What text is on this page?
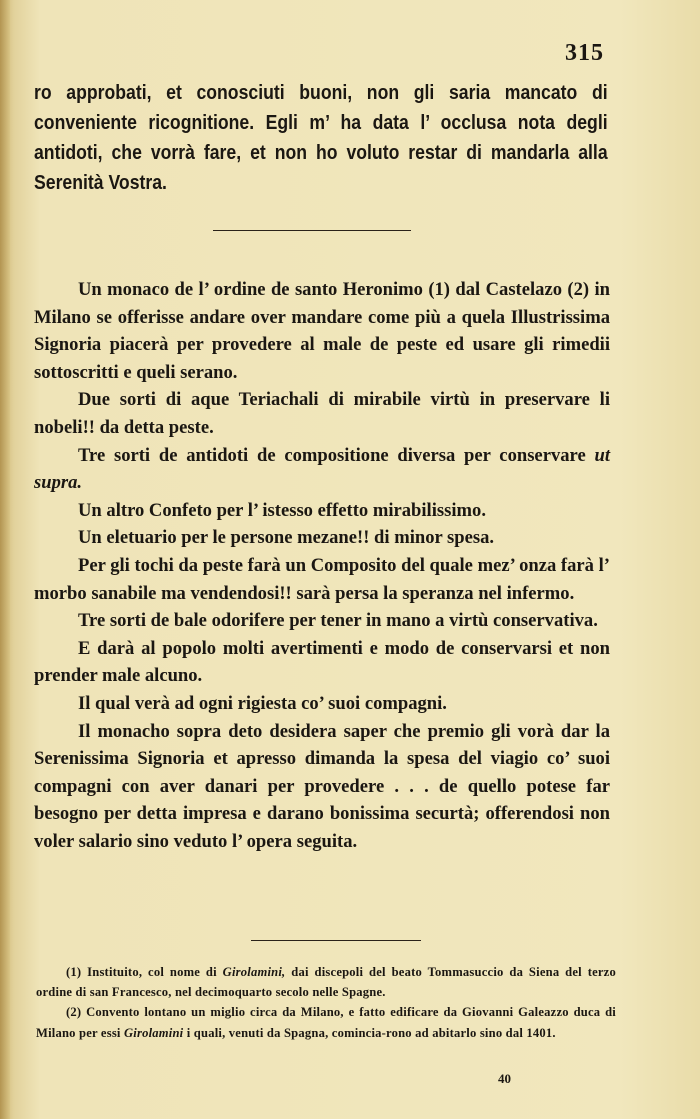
315

ro approbati, et conosciuti buoni, non gli saria mancato di conveniente ricognitione. Egli m’ ha data l’ occlusa nota degli antidoti, che vorrà fare, et non ho voluto restar di mandarla alla Serenità Vostra.

Un monaco de l’ ordine de santo Heronimo (1) dal Castelazo (2) in Milano se offerisse andare over mandare come più a quela Illustrissima Signoria piacerà per provedere al male de peste ed usare gli rimedii sottoscritti e queli serano.

Due sorti di aque Teriachali di mirabile virtù in preservare li nobeli!! da detta peste.

Tre sorti de antidoti de compositione diversa per conservare ut supra.

Un altro Confeto per l’ istesso effetto mirabilissimo.

Un eletuario per le persone mezane!! di minor spesa.

Per gli tochi da peste farà un Composito del quale mez’ onza farà l’ morbo sanabile ma vendendosi!! sarà persa la speranza nel infermo.

Tre sorti de bale odorifere per tener in mano a virtù conservativa.

E darà al popolo molti avertimenti e modo de conservarsi et non prender male alcuno.

Il qual verà ad ogni rigiesta co’ suoi compagni.

Il monacho sopra deto desidera saper che premio gli vorà dar la Serenissima Signoria et apresso dimanda la spesa del viagio co’ suoi compagni con aver danari per provedere . . . de quello potese far besogno per detta impresa e darano bonissima securtà; offerendosi non voler salario sino veduto l’ opera seguita.

(1) Instituito, col nome di Girolamini, dai discepoli del beato Tommasuccio da Siena del terzo ordine di san Francesco, nel decimoquarto secolo nelle Spagne.

(2) Convento lontano un miglio circa da Milano, e fatto edificare da Giovanni Galeazzo duca di Milano per essi Girolamini i quali, venuti da Spagna, comincia-rono ad abitarlo sino dal 1401.

40
